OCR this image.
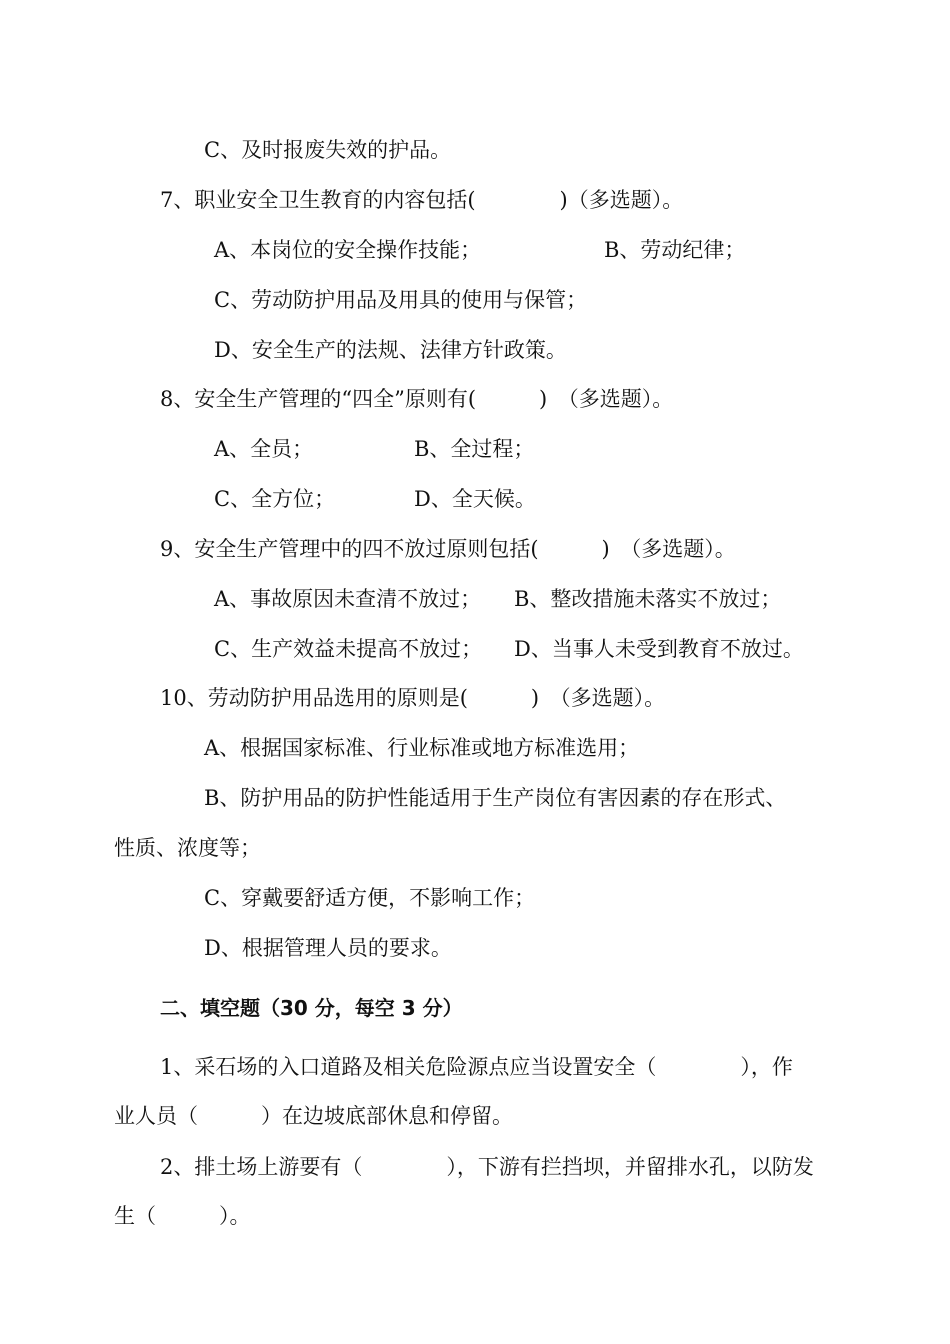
C、及时报废失效的护品。

7、职业安全卫生教育的内容包括(　　　　)（多选题）。

A、本岗位的安全操作技能；	B、劳动纪律；

C、劳动防护用品及用具的使用与保管；

D、安全生产的法规、法律方针政策。

8、安全生产管理的“四全”原则有(　　　)　（多选题）。

A、全员；	B、全过程；

C、全方位；	D、全天候。

9、安全生产管理中的四不放过原则包括(　　　)　（多选题）。

A、事故原因未查清不放过； B、整改措施未落实不放过；

C、生产效益未提高不放过； D、当事人未受到教育不放过。

10、劳动防护用品选用的原则是(　　　)　（多选题）。

A、根据国家标准、行业标准或地方标准选用；

B、防护用品的防护性能适用于生产岗位有害因素的存在形式、

性质、浓度等；

C、穿戴要舒适方便，不影响工作；

D、根据管理人员的要求。

二、填空题（30 分，每空 3 分）

1、采石场的入口道路及相关危险源点应当设置安全（　　　　），作

业人员（　　　）在边坡底部休息和停留。

2、排土场上游要有（　　　　），下游有拦挡坝，并留排水孔，以防发

生（　　　）。
